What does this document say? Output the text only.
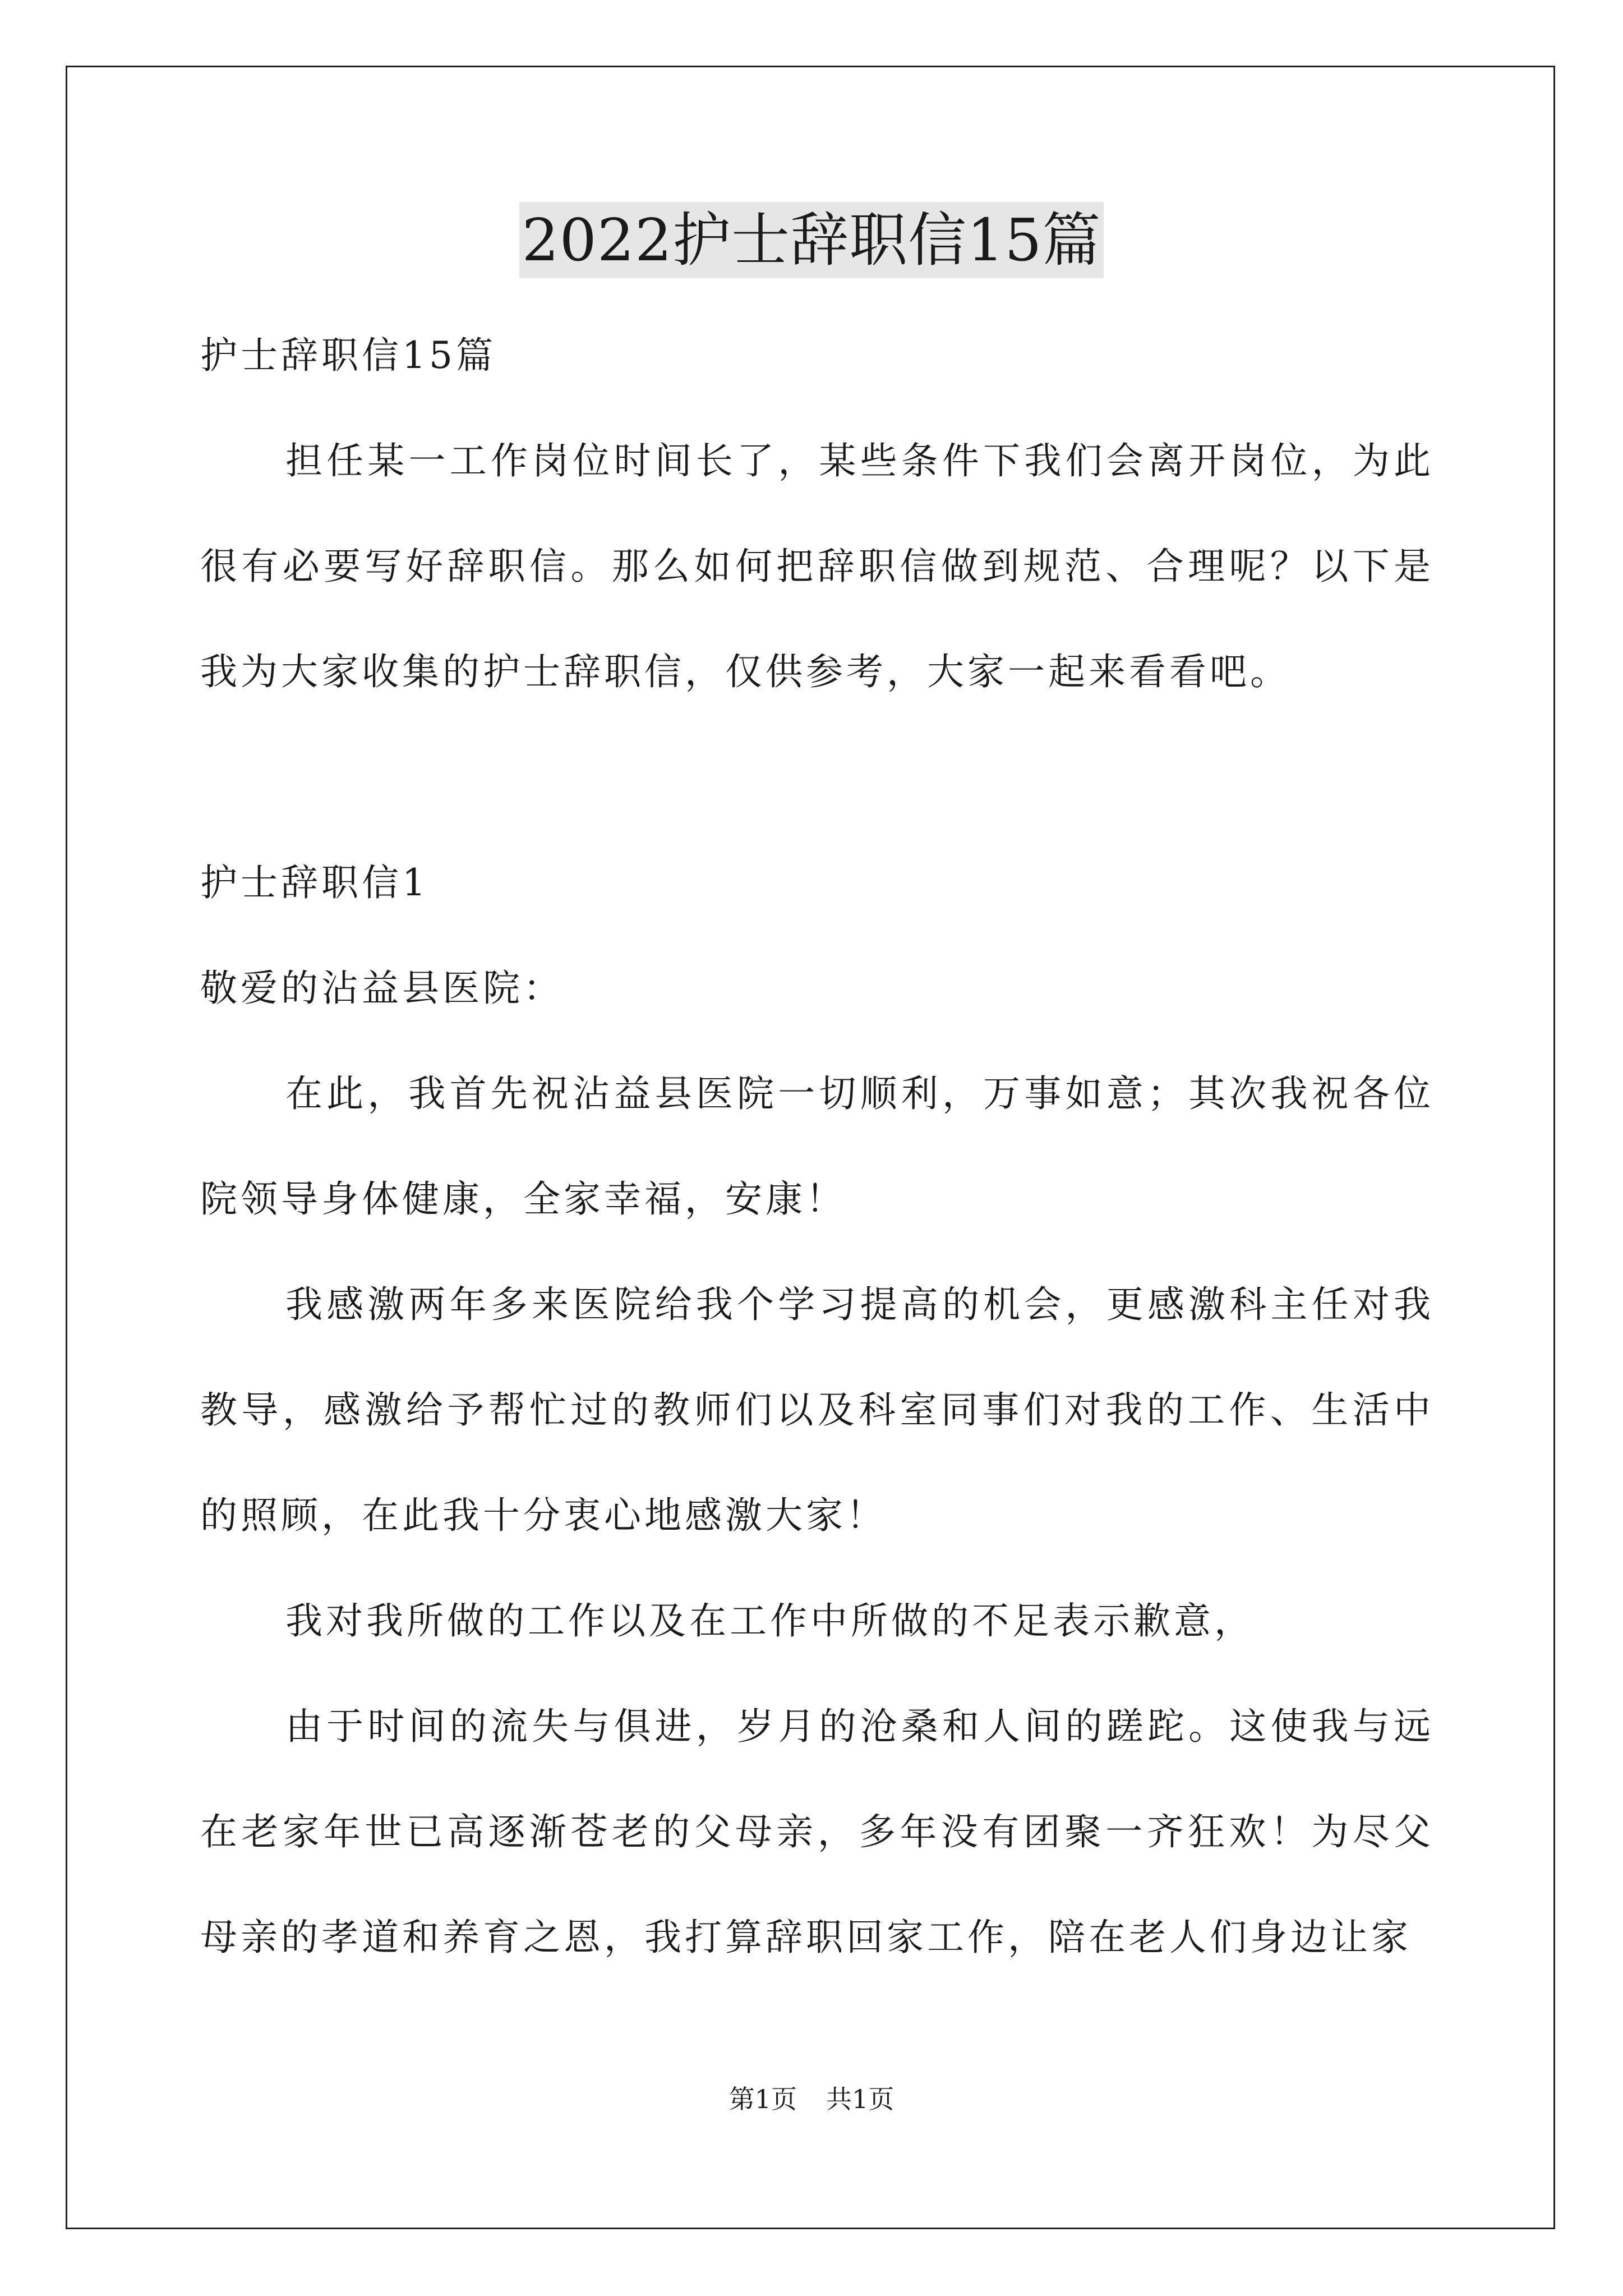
2022护士辞职信15篇

护士辞职信15篇

担任某一工作岗位时间长了，某些条件下我们会离开岗位，为此很有必要写好辞职信。那么如何把辞职信做到规范、合理呢？以下是我为大家收集的护士辞职信，仅供参考，大家一起来看看吧。

护士辞职信1

敬爱的沾益县医院：

在此，我首先祝沾益县医院一切顺利，万事如意；其次我祝各位院领导身体健康，全家幸福，安康！

我感激两年多来医院给我个学习提高的机会，更感激科主任对我教导，感激给予帮忙过的教师们以及科室同事们对我的工作、生活中的照顾，在此我十分衷心地感激大家！

我对我所做的工作以及在工作中所做的不足表示歉意，

由于时间的流失与俱进，岁月的沧桑和人间的蹉跎。这使我与远在老家年世已高逐渐苍老的父母亲，多年没有团聚一齐狂欢！为尽父母亲的孝道和养育之恩，我打算辞职回家工作，陪在老人们身边让家

第1页 共1页
